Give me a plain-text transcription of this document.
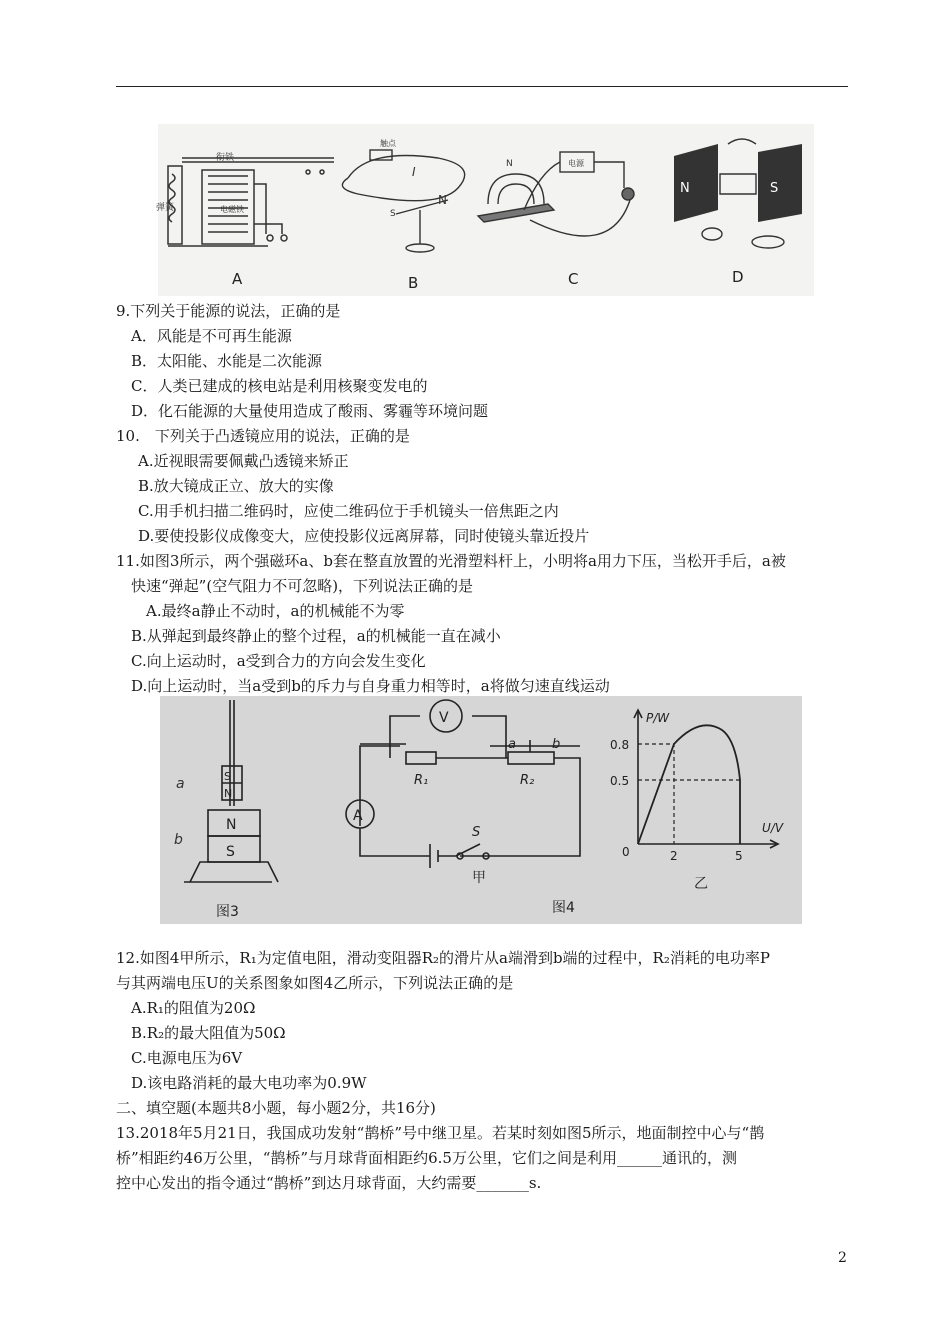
衔铁
弹簧	电磁铁
A
触点
I
S
N
B
N	电源
C
N	S
D
9.下列关于能源的说法，正确的是
A．风能是不可再生能源
B．太阳能、水能是二次能源
C．人类已建成的核电站是利用核聚变发电的
D．化石能源的大量使用造成了酸雨、雾霾等环境问题
10.　下列关于凸透镜应用的说法，正确的是
A.近视眼需要佩戴凸透镜来矫正
B.放大镜成正立、放大的实像
C.用手机扫描二维码时，应使二维码位于手机镜头一倍焦距之内
D.要使投影仪成像变大，应使投影仪远离屏幕，同时使镜头靠近投片
11.如图3所示，两个强磁环a、b套在整直放置的光滑塑料杆上，小明将a用力下压，当松开手后，a被
快速“弹起”(空气阻力不可忽略)，下列说法正确的是
A.最终a静止不动时，a的机械能不为零
B.从弹起到最终静止的整个过程，a的机械能一直在减小
C.向上运动时，a受到合力的方向会发生变化
D.向上运动时，当a受到b的斥力与自身重力相等时，a将做匀速直线运动
S
N
N
S
a
b
图3
V
A
R₁	R₂
a	b
S
甲
图4
P/W
U/V
0.8
0.5
0	2	5
乙
12.如图4甲所示，R₁为定值电阻，滑动变阻器R₂的滑片从a端滑到b端的过程中，R₂消耗的电功率P
与其两端电压U的关系图象如图4乙所示，下列说法正确的是
A.R₁的阻值为20Ω
B.R₂的最大阻值为50Ω
C.电源电压为6V
D.该电路消耗的最大电功率为0.9W
二、填空题(本题共8小题，每小题2分，共16分)
13.2018年5月21日，我国成功发射“鹊桥”号中继卫星。若某时刻如图5所示，地面制控中心与“鹊
桥”相距约46万公里，“鹊桥”与月球背面相距约6.5万公里，它们之间是利用______通讯的，测
控中心发出的指令通过“鹊桥”到达月球背面，大约需要_______s.
2
